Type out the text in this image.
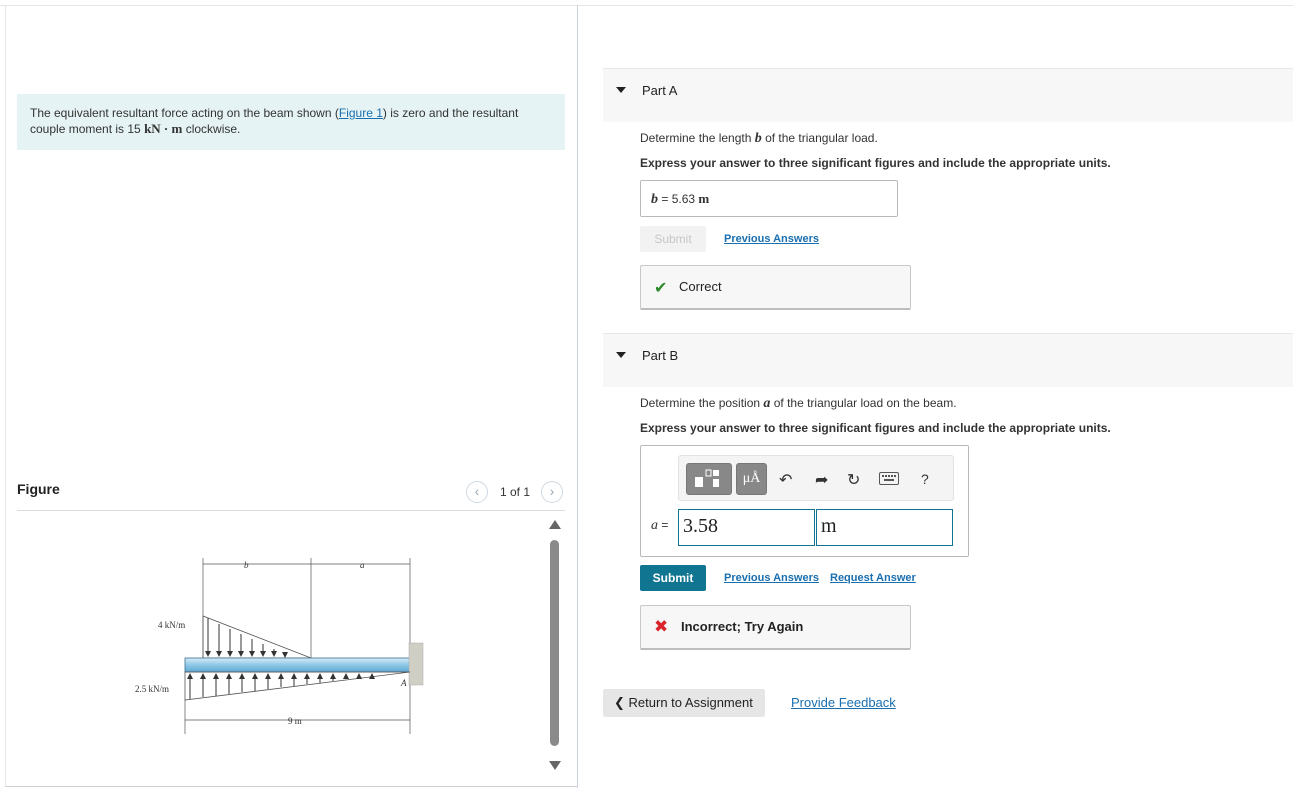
The equivalent resultant force acting on the beam shown (Figure 1) is zero and the resultant couple moment is 15 kN · m clockwise.
Figure	‹	1 of 1	›
b	a
4 kN/m
2.5 kN/m
A
9 m
Part A
Determine the length b of the triangular load.
Express your answer to three significant figures and include the appropriate units.
b = 5.63 m
Submit	Previous Answers
✔ Correct
Part B
Determine the position a of the triangular load on the beam.
Express your answer to three significant figures and include the appropriate units.
μÅ	↶ ➦ ↻	?
a = 3.58	m
Submit	Previous Answers Request Answer
✖ Incorrect; Try Again
❮ Return to Assignment	Provide Feedback
